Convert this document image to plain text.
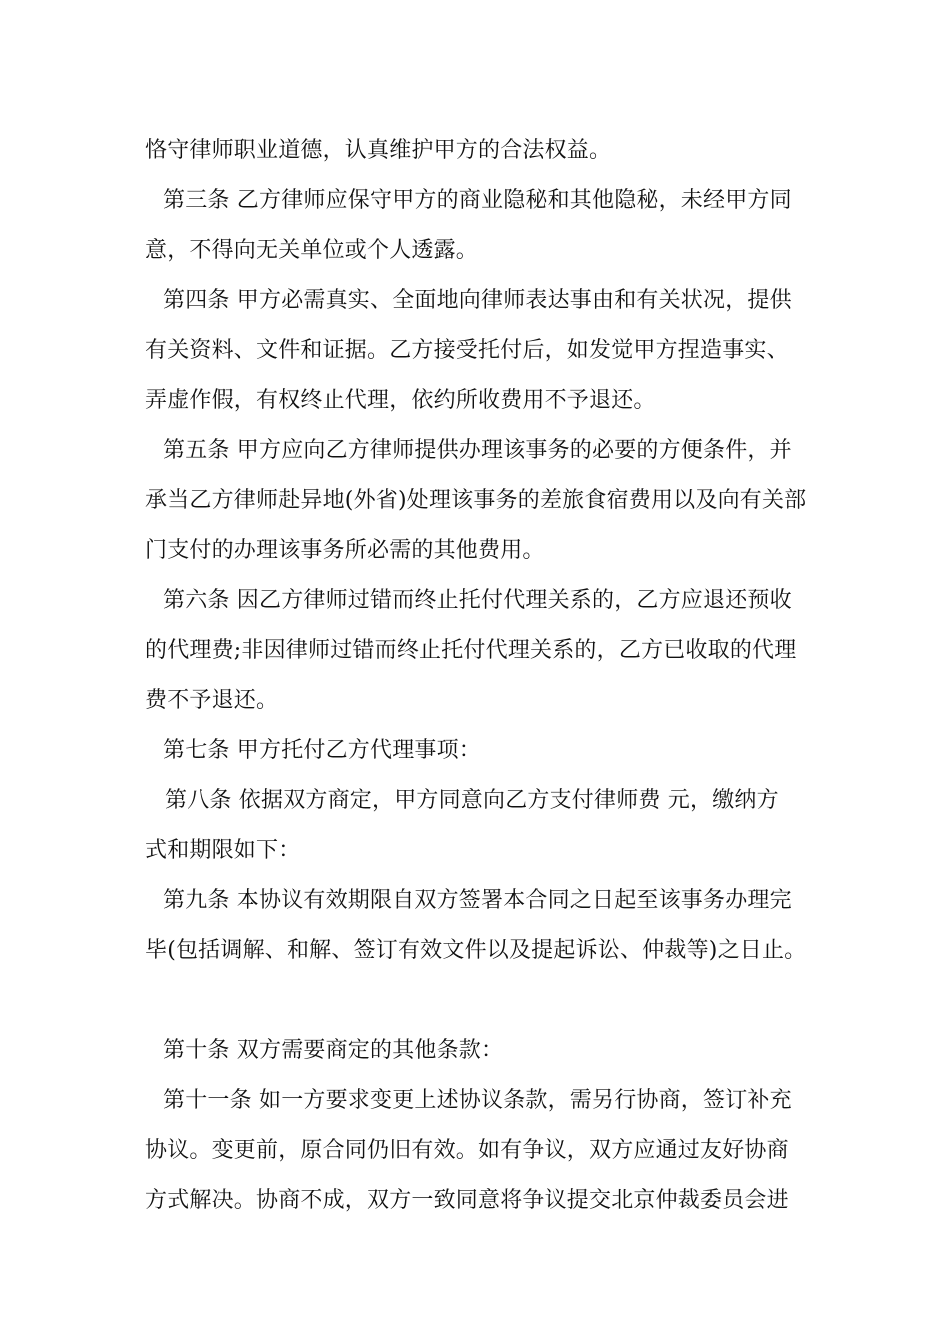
恪守律师职业道德，认真维护甲方的合法权益。
第三条 乙方律师应保守甲方的商业隐秘和其他隐秘，未经甲方同
意，不得向无关单位或个人透露。
第四条 甲方必需真实、全面地向律师表达事由和有关状况，提供
有关资料、文件和证据。乙方接受托付后，如发觉甲方捏造事实、
弄虚作假，有权终止代理，依约所收费用不予退还。
第五条 甲方应向乙方律师提供办理该事务的必要的方便条件，并
承当乙方律师赴异地(外省)处理该事务的差旅食宿费用以及向有关部
门支付的办理该事务所必需的其他费用。
第六条 因乙方律师过错而终止托付代理关系的，乙方应退还预收
的代理费;非因律师过错而终止托付代理关系的，乙方已收取的代理
费不予退还。
第七条 甲方托付乙方代理事项：
第八条 依据双方商定，甲方同意向乙方支付律师费 元，缴纳方
式和期限如下：
第九条 本协议有效期限自双方签署本合同之日起至该事务办理完
毕(包括调解、和解、签订有效文件以及提起诉讼、仲裁等)之日止。
第十条 双方需要商定的其他条款：
第十一条 如一方要求变更上述协议条款，需另行协商，签订补充
协议。变更前，原合同仍旧有效。如有争议，双方应通过友好协商
方式解决。协商不成，双方一致同意将争议提交北京仲裁委员会进
